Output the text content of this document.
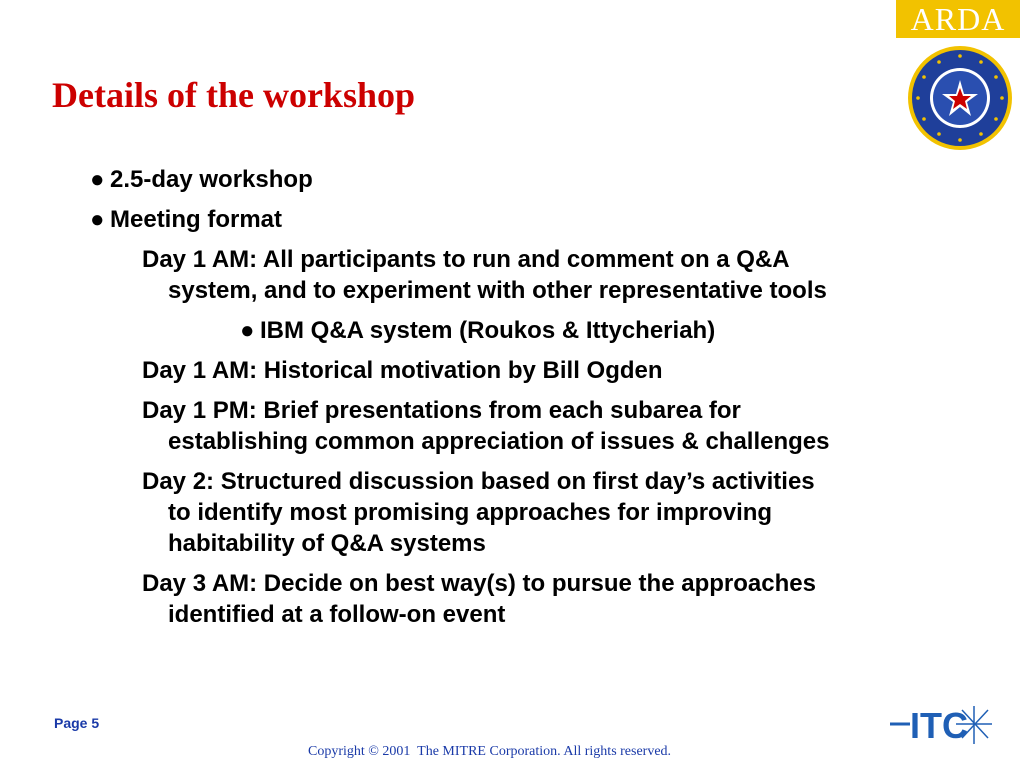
Details of the workshop
ARDA
● 2.5-day workshop
● Meeting format
Day 1 AM: All participants to run and comment on a Q&A
system, and to experiment with other representative tools
● IBM Q&A system (Roukos & Ittycheriah)
Day 1 AM: Historical motivation by Bill Ogden
Day 1 PM: Brief presentations from each subarea for
establishing common appreciation of issues & challenges
Day 2: Structured discussion based on first day’s activities
to identify most promising approaches for improving
habitability of Q&A systems
Day 3 AM: Decide on best way(s) to pursue the approaches
identified at a follow-on event
Page 5
Copyright © 2001  The MITRE Corporation. All rights reserved.
ITC
